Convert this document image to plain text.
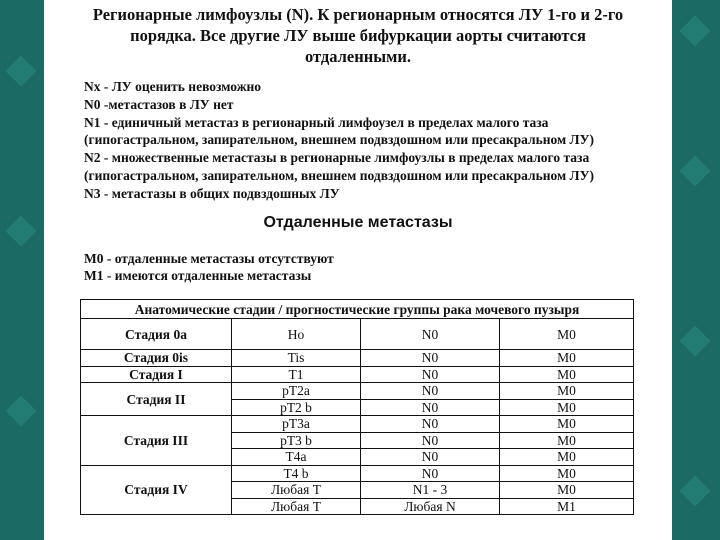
Регионарные лимфоузлы (N). К регионарным относятся ЛУ 1-го и 2-го порядка. Все другие ЛУ выше бифуркации аорты считаются отдаленными.
Nx - ЛУ оценить невозможно
N0 -метастазов в ЛУ нет
N1 - единичный метастаз в регионарный лимфоузел в пределах малого таза
(гипогастральном, запирательном, внешнем подвздошном или пресакральном ЛУ)
N2 - множественные метастазы в регионарные лимфоузлы в пределах малого таза
(гипогастральном, запирательном, внешнем подвздошном или пресакральном ЛУ)
N3 - метастазы в общих подвздошных ЛУ
Отдаленные метастазы
M0 - отдаленные метастазы отсутствуют
M1 - имеются отдаленные метастазы
Анатомические стадии / прогностические группы рака мочевого пузыря			
Стадия 0a	Ho	N0	M0
Стадия 0is	Tis	N0	M0
Стадия I	T1	N0	M0
Стадия II	pT2a	N0	M0
	pT2 b	N0	M0
Стадия III	pT3a	N0	M0
	pT3 b	N0	M0
	T4a	N0	M0
Стадия IV	T4 b	N0	M0
	Любая T	N1 - 3	M0
	Любая T	Любая N	M1
